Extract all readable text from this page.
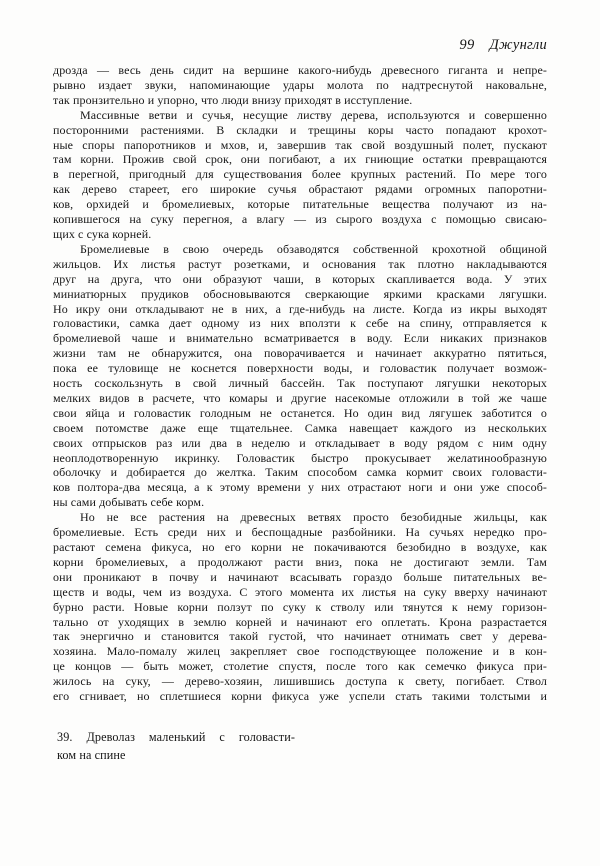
99 Джунгли
дрозда — весь день сидит на вершине какого-нибудь древесного гиганта и непре-
рывно издает звуки, напоминающие удары молота по надтреснутой наковальне,
так пронзительно и упорно, что люди внизу приходят в исступление.
Массивные ветви и сучья, несущие листву дерева, используются и совершенно
посторонними растениями. В складки и трещины коры часто попадают крохот-
ные споры папоротников и мхов, и, завершив так свой воздушный полет, пускают
там корни. Прожив свой срок, они погибают, а их гниющие остатки превращаются
в перегной, пригодный для существования более крупных растений. По мере того
как дерево стареет, его широкие сучья обрастают рядами огромных папоротни-
ков, орхидей и бромелиевых, которые питательные вещества получают из на-
копившегося на суку перегноя, а влагу — из сырого воздуха с помощью свисаю-
щих с сука корней.
Бромелиевые в свою очередь обзаводятся собственной крохотной общиной
жильцов. Их листья растут розетками, и основания так плотно накладываются
друг на друга, что они образуют чаши, в которых скапливается вода. У этих
миниатюрных прудиков обосновываются сверкающие яркими красками лягушки.
Но икру они откладывают не в них, а где-нибудь на листе. Когда из икры выходят
головастики, самка дает одному из них вползти к себе на спину, отправляется к
бромелиевой чаше и внимательно всматривается в воду. Если никаких признаков
жизни там не обнаружится, она поворачивается и начинает аккуратно пятиться,
пока ее туловище не коснется поверхности воды, и головастик получает возмож-
ность соскользнуть в свой личный бассейн. Так поступают лягушки некоторых
мелких видов в расчете, что комары и другие насекомые отложили в той же чаше
свои яйца и головастик голодным не останется. Но один вид лягушек заботится о
своем потомстве даже еще тщательнее. Самка навещает каждого из нескольких
своих отпрысков раз или два в неделю и откладывает в воду рядом с ним одну
неоплодотворенную икринку. Головастик быстро прокусывает желатинообразную
оболочку и добирается до желтка. Таким способом самка кормит своих головасти-
ков полтора-два месяца, а к этому времени у них отрастают ноги и они уже способ-
ны сами добывать себе корм.
Но не все растения на древесных ветвях просто безобидные жильцы, как
бромелиевые. Есть среди них и беспощадные разбойники. На сучьях нередко про-
растают семена фикуса, но его корни не покачиваются безобидно в воздухе, как
корни бромелиевых, а продолжают расти вниз, пока не достигают земли. Там
они проникают в почву и начинают всасывать гораздо больше питательных ве-
ществ и воды, чем из воздуха. С этого момента их листья на суку вверху начинают
бурно расти. Новые корни ползут по суку к стволу или тянутся к нему горизон-
тально от уходящих в землю корней и начинают его оплетать. Крона разрастается
так энергично и становится такой густой, что начинает отнимать свет у дерева-
хозяина. Мало-помалу жилец закрепляет свое господствующее положение и в кон-
це концов — быть может, столетие спустя, после того как семечко фикуса при-
жилось на суку, — дерево-хозяин, лишившись доступа к свету, погибает. Ствол
его сгнивает, но сплетшиеся корни фикуса уже успели стать такими толстыми и
39. Древолаз маленький с головасти-
ком на спине
